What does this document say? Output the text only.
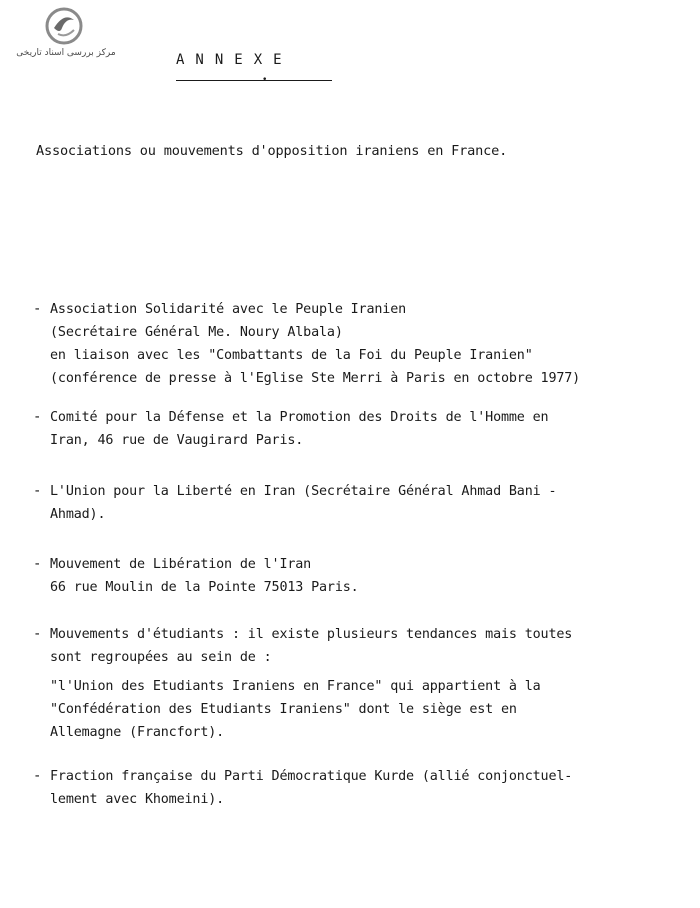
مرکز بررسی اسناد تاریخی	ANNEXE
•
Associations ou mouvements d'opposition iraniens en France.
- Association Solidarité avec le Peuple Iranien
(Secrétaire Général Me. Noury Albala)
en liaison avec les "Combattants de la Foi du Peuple Iranien"
(conférence de presse à l'Eglise Ste Merri à Paris en octobre 1977)
- Comité pour la Défense et la Promotion des Droits de l'Homme en
Iran, 46 rue de Vaugirard Paris.
- L'Union pour la Liberté en Iran (Secrétaire Général Ahmad Bani -
Ahmad).
- Mouvement de Libération de l'Iran
66 rue Moulin de la Pointe 75013 Paris.
- Mouvements d'étudiants : il existe plusieurs tendances mais toutes
sont regroupées au sein de :
"l'Union des Etudiants Iraniens en France" qui appartient à la
"Confédération des Etudiants Iraniens" dont le siège est en
Allemagne (Francfort).
- Fraction française du Parti Démocratique Kurde (allié conjonctuel-
lement avec Khomeini).
